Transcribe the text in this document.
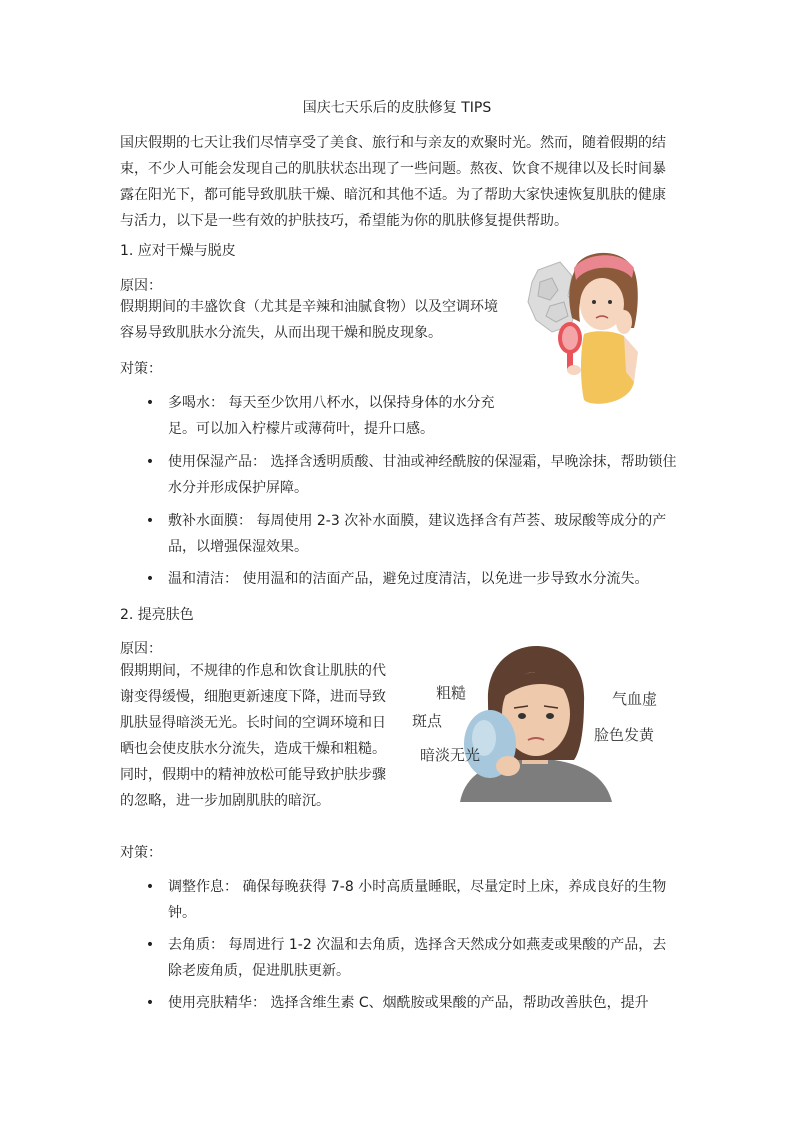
国庆七天乐后的皮肤修复 TIPS

国庆假期的七天让我们尽情享受了美食、旅行和与亲友的欢聚时光。然而，随着假期的结束，不少人可能会发现自己的肌肤状态出现了一些问题。熬夜、饮食不规律以及长时间暴露在阳光下，都可能导致肌肤干燥、暗沉和其他不适。为了帮助大家快速恢复肌肤的健康与活力，以下是一些有效的护肤技巧，希望能为你的肌肤修复提供帮助。

1. 应对干燥与脱皮
原因：

假期期间的丰盛饮食（尤其是辛辣和油腻食物）以及空调环境容易导致肌肤水分流失，从而出现干燥和脱皮现象。

对策：
• 多喝水： 每天至少饮用八杯水，以保持身体的水分充足。可以加入柠檬片或薄荷叶，提升口感。
• 使用保湿产品： 选择含透明质酸、甘油或神经酰胺的保湿霜，早晚涂抹，帮助锁住水分并形成保护屏障。
• 敷补水面膜： 每周使用 2-3 次补水面膜，建议选择含有芦荟、玻尿酸等成分的产品，以增强保湿效果。
• 温和清洁： 使用温和的洁面产品，避免过度清洁，以免进一步导致水分流失。
2. 提亮肤色
原因：

假期期间，不规律的作息和饮食让肌肤的代谢变得缓慢，细胞更新速度下降，进而导致肌肤显得暗淡无光。长时间的空调环境和日晒也会使皮肤水分流失，造成干燥和粗糙。同时，假期中的精神放松可能导致护肤步骤的忽略，进一步加剧肌肤的暗沉。

对策：
• 调整作息： 确保每晚获得 7-8 小时高质量睡眠，尽量定时上床，养成良好的生物钟。
• 去角质： 每周进行 1-2 次温和去角质，选择含天然成分如燕麦或果酸的产品，去除老废角质，促进肌肤更新。
• 使用亮肤精华： 选择含维生素 C、烟酰胺或果酸的产品，帮助改善肤色，提升
粗糙
斑点
暗淡无光
气血虚
脸色发黄
